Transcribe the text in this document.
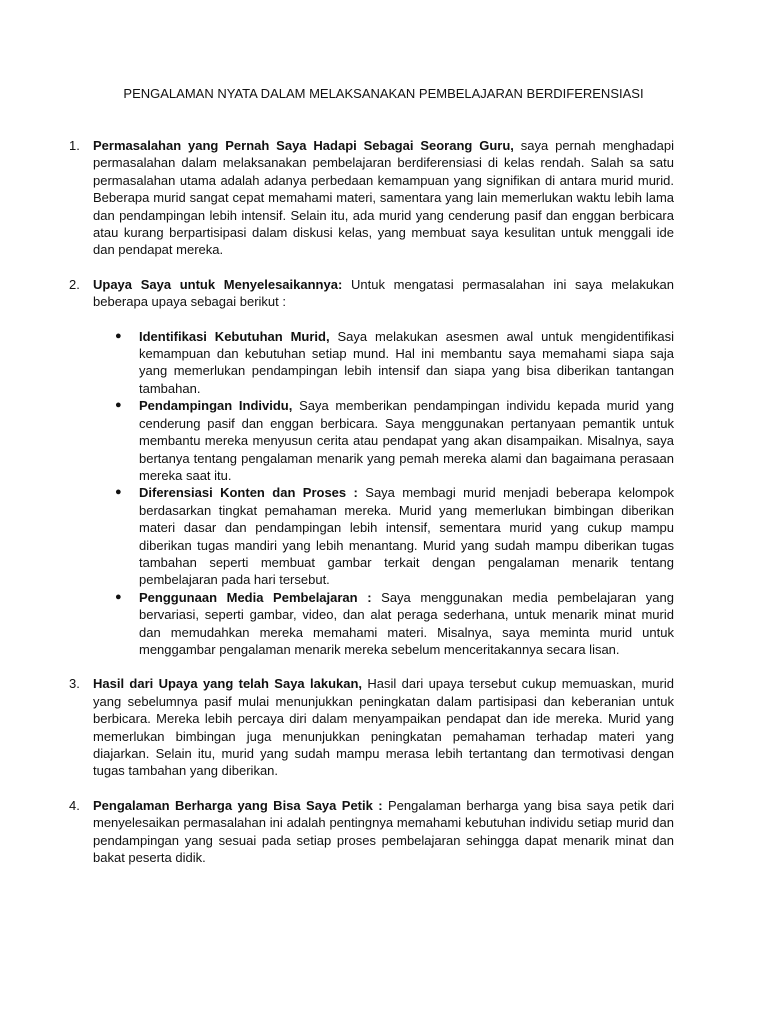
PENGALAMAN NYATA DALAM MELAKSANAKAN PEMBELAJARAN BERDIFERENSIASI
1. Permasalahan yang Pernah Saya Hadapi Sebagai Seorang Guru, saya pernah menghadapi permasalahan dalam melaksanakan pembelajaran berdiferensiasi di kelas rendah. Salah sa satu permasalahan utama adalah adanya perbedaan kemampuan yang signifikan di antara murid murid. Beberapa murid sangat cepat memahami materi, samentara yang lain memerlukan waktu lebih lama dan pendampingan lebih intensif. Selain itu, ada murid yang cenderung pasif dan enggan berbicara atau kurang berpartisipasi dalam diskusi kelas, yang membuat saya kesulitan untuk menggali ide dan pendapat mereka.
2. Upaya Saya untuk Menyelesaikannya: Untuk mengatasi permasalahan ini saya melakukan beberapa upaya sebagai berikut :
● Identifikasi Kebutuhan Murid, Saya melakukan asesmen awal untuk mengidentifikasi kemampuan dan kebutuhan setiap mund. Hal ini membantu saya memahami siapa saja yang memerlukan pendampingan lebih intensif dan siapa yang bisa diberikan tantangan tambahan.
● Pendampingan Individu, Saya memberikan pendampingan individu kepada murid yang cenderung pasif dan enggan berbicara. Saya menggunakan pertanyaan pemantik untuk membantu mereka menyusun cerita atau pendapat yang akan disampaikan. Misalnya, saya bertanya tentang pengalaman menarik yang pemah mereka alami dan bagaimana perasaan mereka saat itu.
● Diferensiasi Konten dan Proses : Saya membagi murid menjadi beberapa kelompok berdasarkan tingkat pemahaman mereka. Murid yang memerlukan bimbingan diberikan materi dasar dan pendampingan lebih intensif, sementara murid yang cukup mampu diberikan tugas mandiri yang lebih menantang. Murid yang sudah mampu diberikan tugas tambahan seperti membuat gambar terkait dengan pengalaman menarik tentang pembelajaran pada hari tersebut.
● Penggunaan Media Pembelajaran : Saya menggunakan media pembelajaran yang bervariasi, seperti gambar, video, dan alat peraga sederhana, untuk menarik minat murid dan memudahkan mereka memahami materi. Misalnya, saya meminta murid untuk menggambar pengalaman menarik mereka sebelum menceritakannya secara lisan.
3. Hasil dari Upaya yang telah Saya lakukan, Hasil dari upaya tersebut cukup memuaskan, murid yang sebelumnya pasif mulai menunjukkan peningkatan dalam partisipasi dan keberanian untuk berbicara. Mereka lebih percaya diri dalam menyampaikan pendapat dan ide mereka. Murid yang memerlukan bimbingan juga menunjukkan peningkatan pemahaman terhadap materi yang diajarkan. Selain itu, murid yang sudah mampu merasa lebih tertantang dan termotivasi dengan tugas tambahan yang diberikan.
4. Pengalaman Berharga yang Bisa Saya Petik : Pengalaman berharga yang bisa saya petik dari menyelesaikan permasalahan ini adalah pentingnya memahami kebutuhan individu setiap murid dan pendampingan yang sesuai pada setiap proses pembelajaran sehingga dapat menarik minat dan bakat peserta didik.
